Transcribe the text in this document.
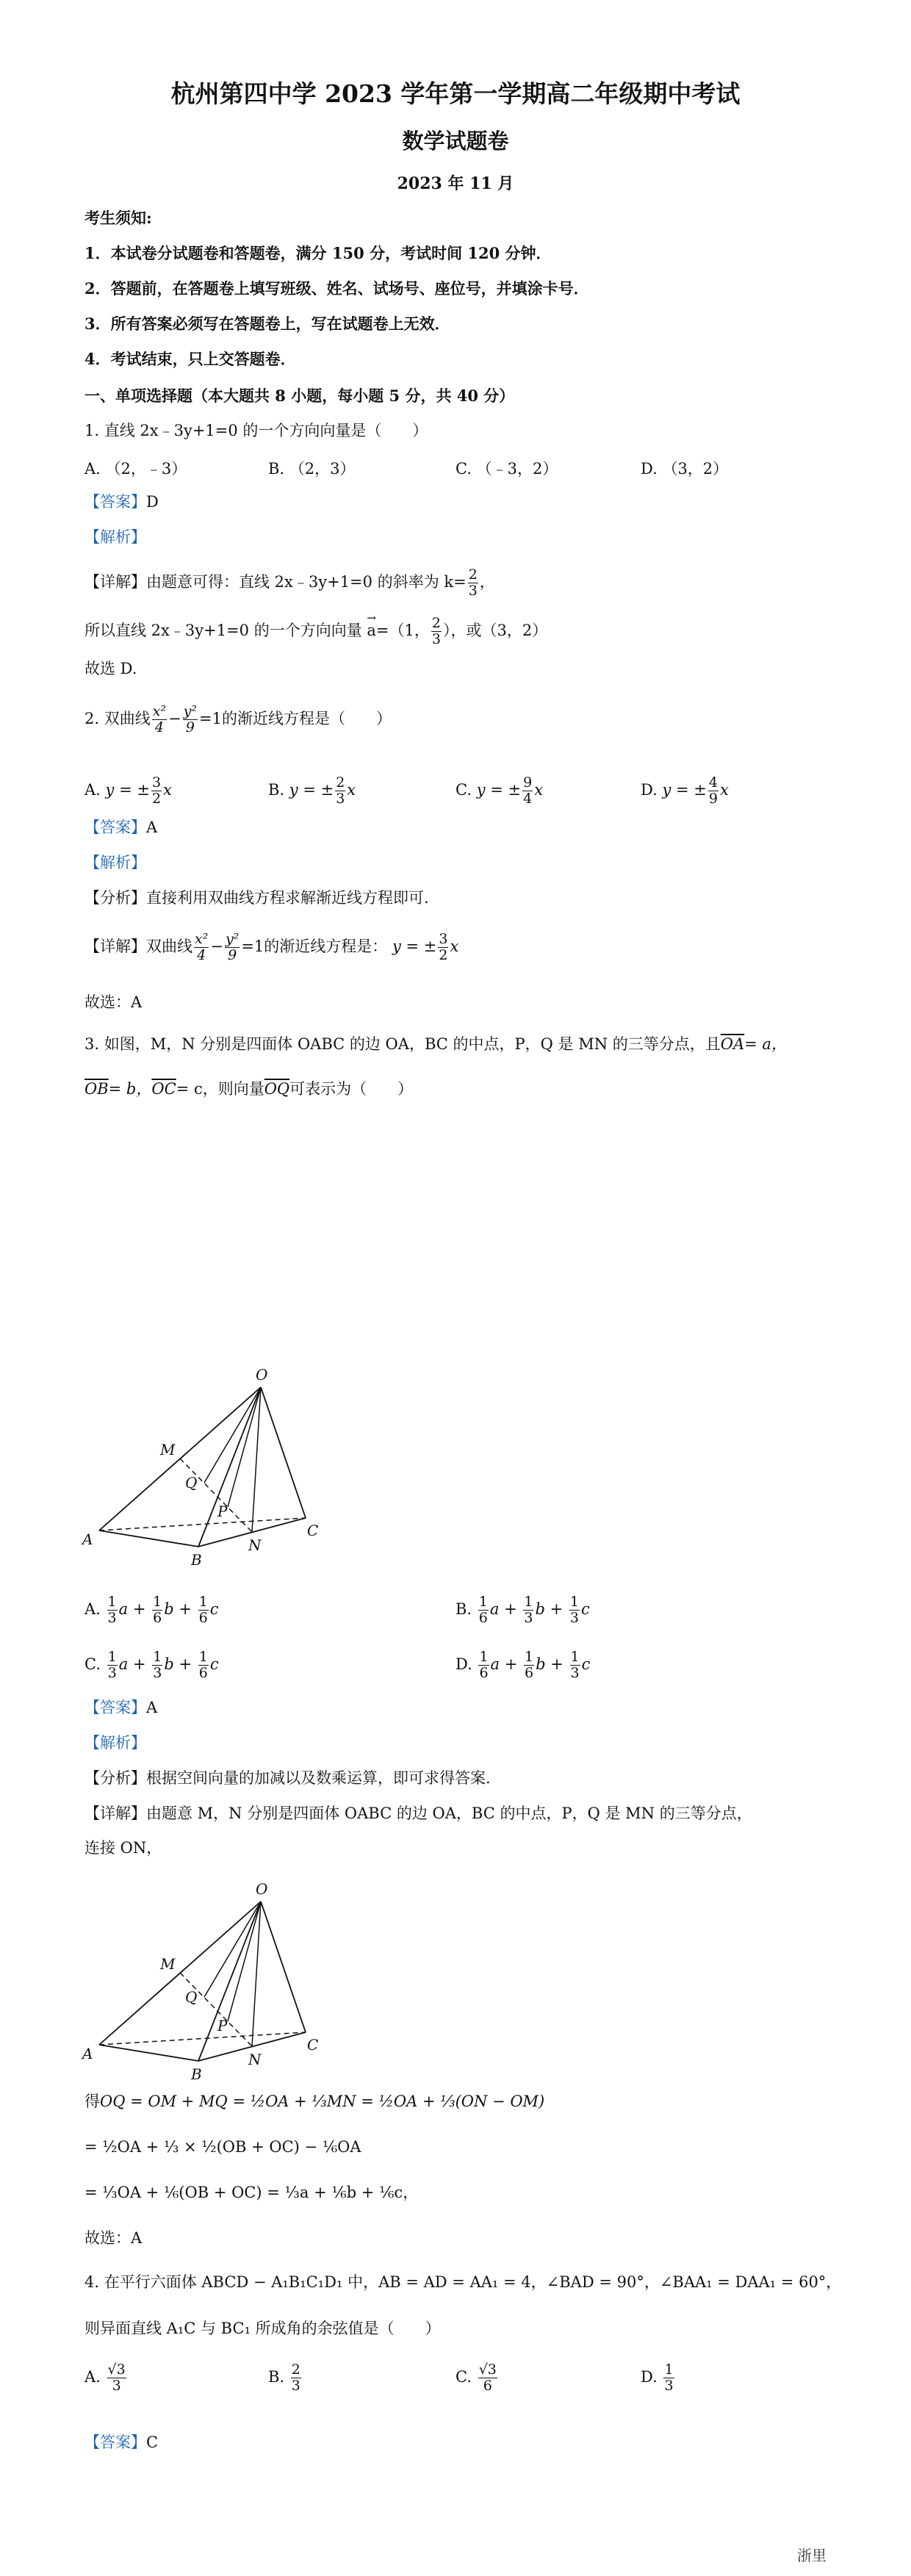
杭州第四中学 2023 学年第一学期高二年级期中考试
数学试题卷
2023 年 11 月
考生须知:
1．本试卷分试题卷和答题卷，满分 150 分，考试时间 120 分钟．
2．答题前，在答题卷上填写班级、姓名、试场号、座位号，并填涂卡号．
3．所有答案必须写在答题卷上，写在试题卷上无效．
4．考试结束，只上交答题卷．
一、单项选择题（本大题共 8 小题，每小题 5 分，共 40 分）
1. 直线 2x﹣3y+1=0 的一个方向向量是（　　）
A. （2，﹣3）	B. （2，3）	C. （﹣3，2）	D. （3，2）
【答案】D
【解析】
【详解】由题意可得：直线 2x﹣3y+1=0 的斜率为 $k= \frac{2}{3}$ ，
所以直线 2x﹣3y+1=0 的一个方向向量
→
a=（1， $\frac{2}{3}$ ），或（3，2）
故选 D.
2. 双曲线 $\frac{\text{x²}}{4} - \frac{\text{y²}}{9} =1$的渐近线方程是（　　）
A. y = ± $\frac{3}{2}$ x	B. y = ± $\frac{2}{3}$ x	C. y = ± $\frac{9}{4}$ x	D. y = ± $\frac{4}{9}$ x
【答案】A
【解析】
【分析】直接利用双曲线方程求解渐近线方程即可.
【详解】双曲线 $\frac{\text{x²}}{4} - \frac{\text{y²}}{9} =1$的渐近线方程是： y = ± $\frac{3}{2}$ x
故选：A
3. 如图，M，N 分别是四面体 OABC 的边 OA，BC 的中点，P，Q 是 MN 的三等分点，且$\overline{OA}= a$，
$\overline{OB}= b$，$\overline{OC}= c$，则向量$\overline{OQ}$可表示为（　　）
O
M
Q
P
A
B
N
C
A. $\frac{1}{3}$ $a + \frac{1}{6}$ $b + \frac{1}{6}$ c	B. $\frac{1}{6}$ $a + \frac{1}{3}$ $b + \frac{1}{3}$ c
C. $\frac{1}{3}$ $a + \frac{1}{3}$ $b + \frac{1}{6}$ c	D. $\frac{1}{6}$ $a + \frac{1}{6}$ $b + \frac{1}{3}$ c
【答案】A
【解析】
【分析】根据空间向量的加减以及数乘运算，即可求得答案.
【详解】由题意 M，N 分别是四面体 OABC 的边 OA，BC 的中点，P，Q 是 MN 的三等分点，
连接 ON，
O
M
Q
P
A
B
N
C
得OQ = OM + MQ = ½OA + ⅓MN = ½OA + ⅓(ON − OM)
= ½OA + ⅓ × ½(OB + OC) − ⅙OA
= ⅓OA + ⅙(OB + OC) = ⅓a + ⅙b + ⅙c，
故选：A
4. 在平行六面体 ABCD − A₁B₁C₁D₁ 中，AB = AD = AA₁ = 4，∠BAD = 90°，∠BAA₁ = DAA₁ = 60°，
则异面直线 A₁C 与 BC₁ 所成角的余弦值是（　　）
A. $\frac{√3}{3}$	B. $\frac{2}{3}$	C. $\frac{√3}{6}$	D. $\frac{1}{3}$
【答案】C
浙里
